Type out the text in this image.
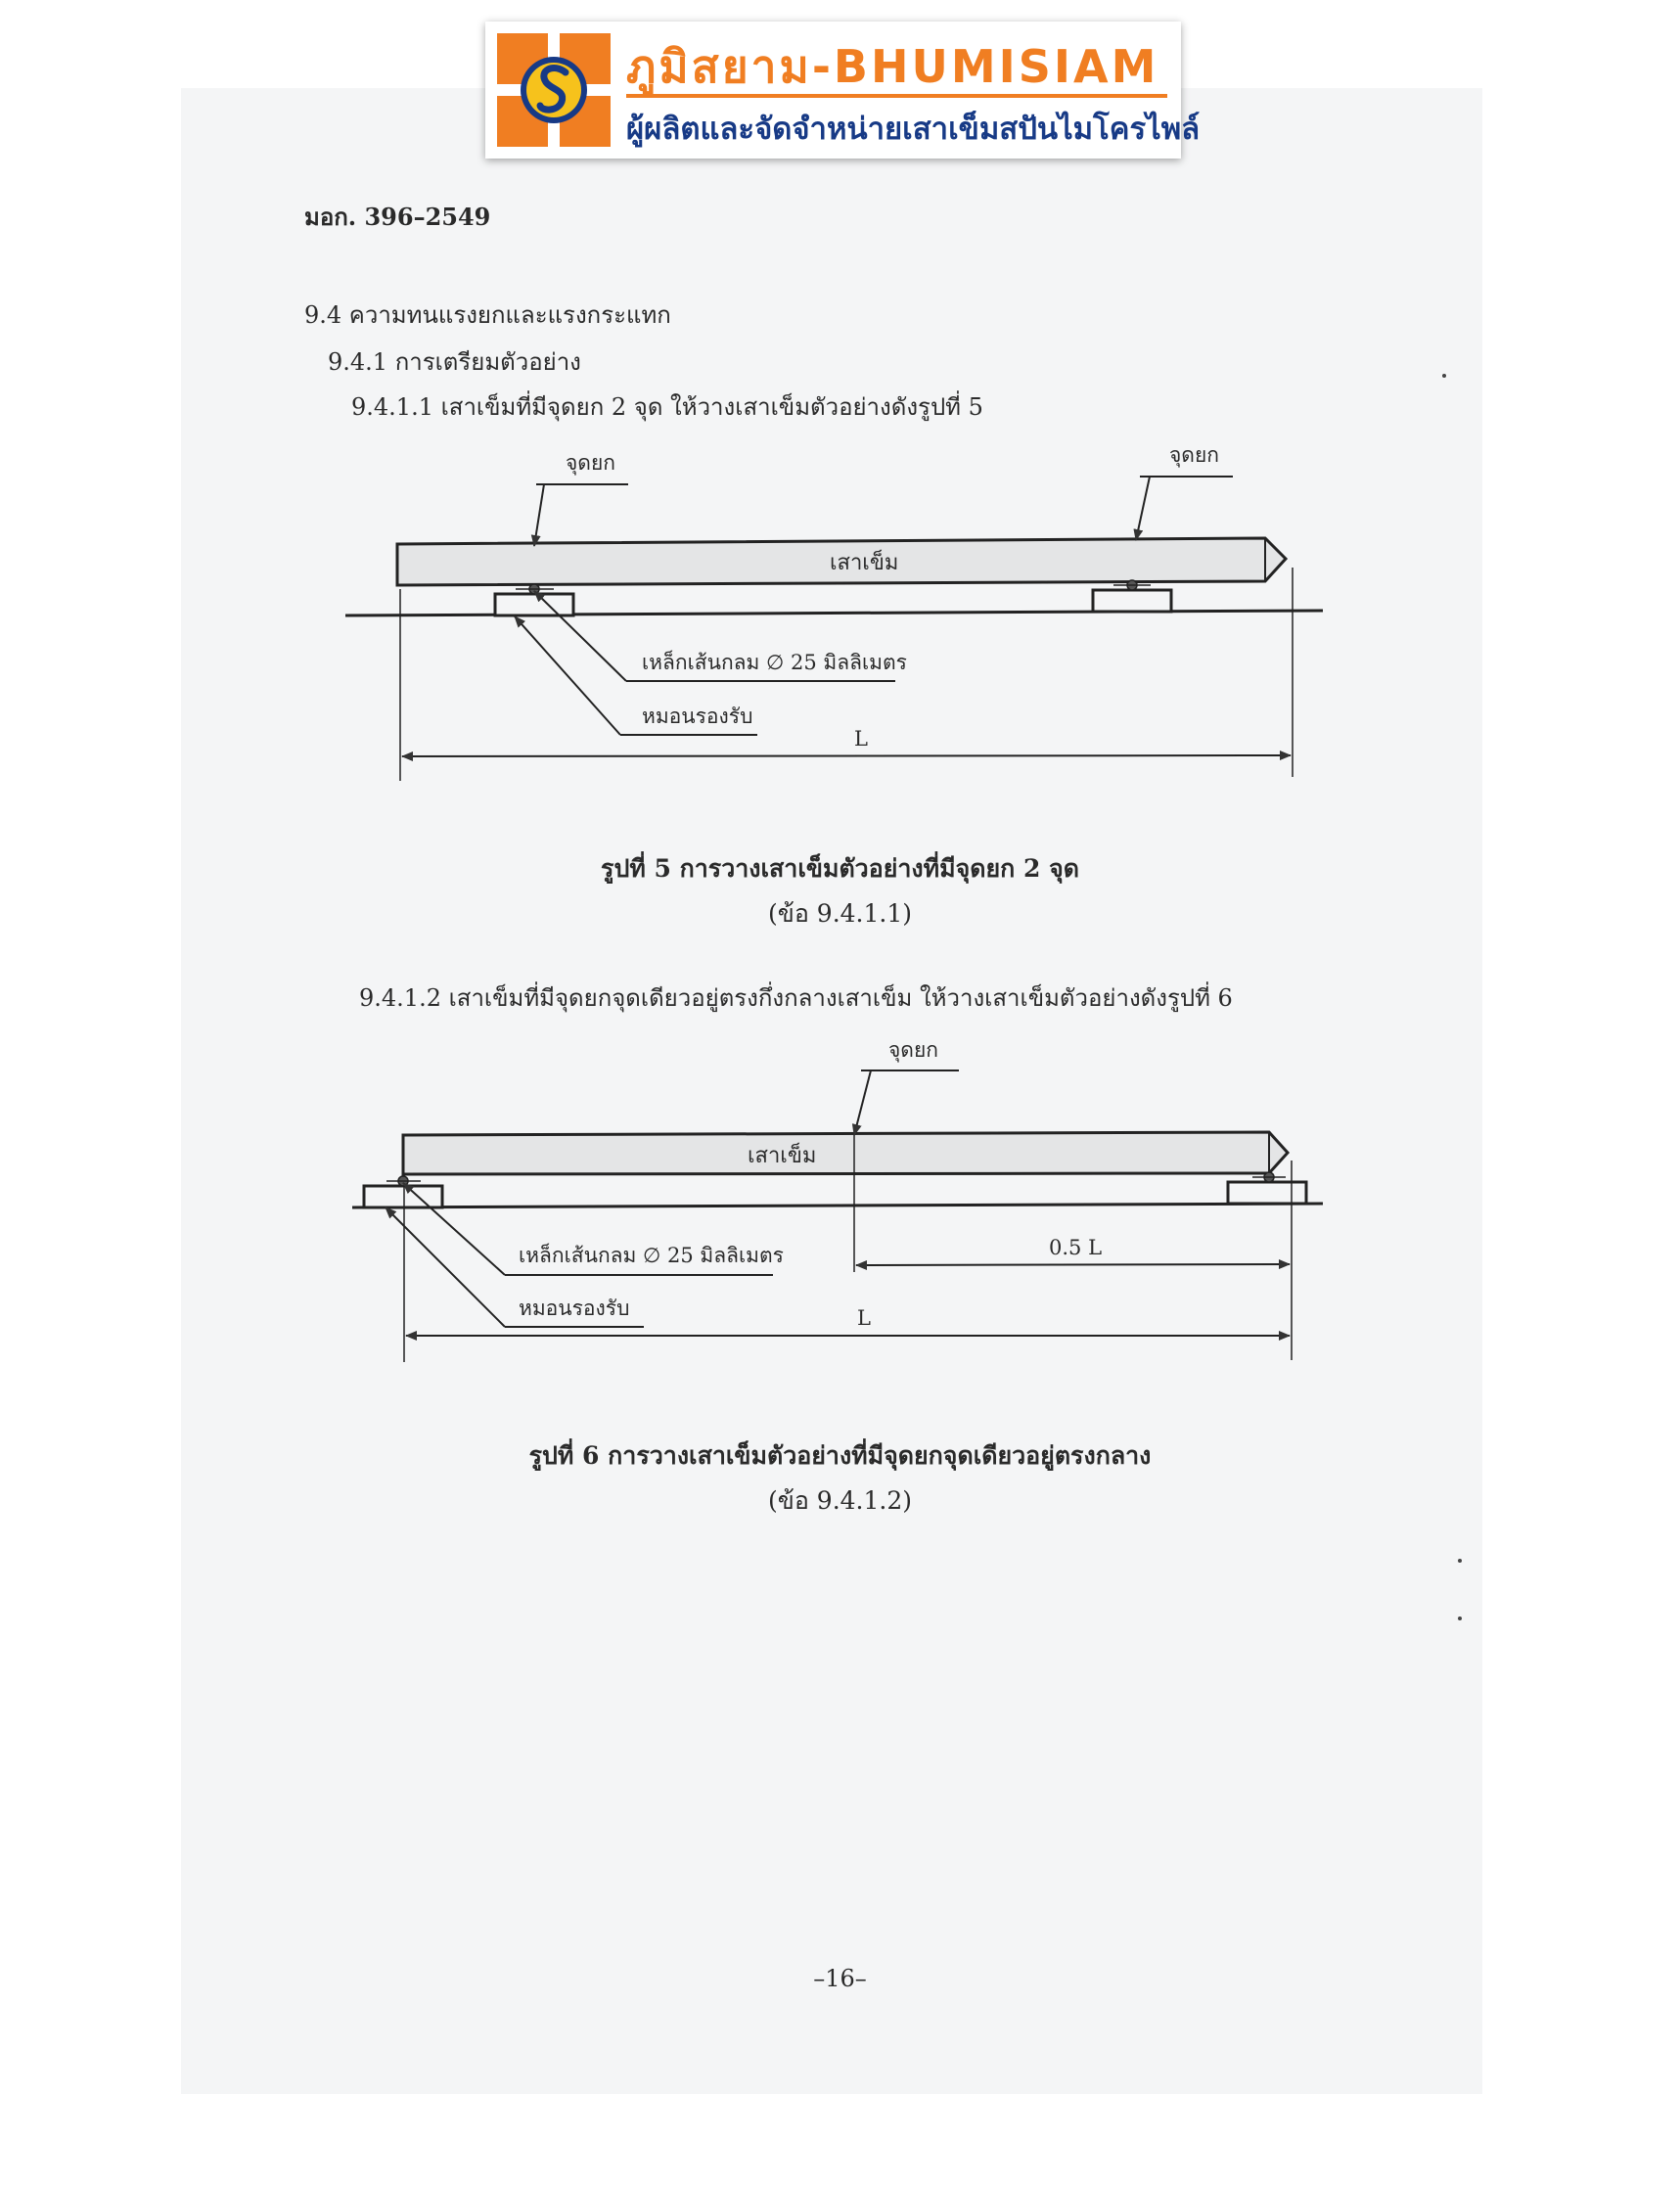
ภูมิสยาม-BHUMISIAM
ผู้ผลิตและจัดจำหน่ายเสาเข็มสปันไมโครไพล์
มอก. 396–2549
9.4 ความทนแรงยกและแรงกระแทก
9.4.1 การเตรียมตัวอย่าง
9.4.1.1 เสาเข็มที่มีจุดยก 2 จุด ให้วางเสาเข็มตัวอย่างดังรูปที่ 5
จุดยก	จุดยก
เสาเข็ม
เหล็กเส้นกลม ∅ 25 มิลลิเมตร
หมอนรองรับ
L
รูปที่ 5 การวางเสาเข็มตัวอย่างที่มีจุดยก 2 จุด
(ข้อ 9.4.1.1)
9.4.1.2 เสาเข็มที่มีจุดยกจุดเดียวอยู่ตรงกึ่งกลางเสาเข็ม ให้วางเสาเข็มตัวอย่างดังรูปที่ 6
จุดยก
เสาเข็ม
เหล็กเส้นกลม ∅ 25 มิลลิเมตร
หมอนรองรับ
0.5 L
L
รูปที่ 6 การวางเสาเข็มตัวอย่างที่มีจุดยกจุดเดียวอยู่ตรงกลาง
(ข้อ 9.4.1.2)
–16–
